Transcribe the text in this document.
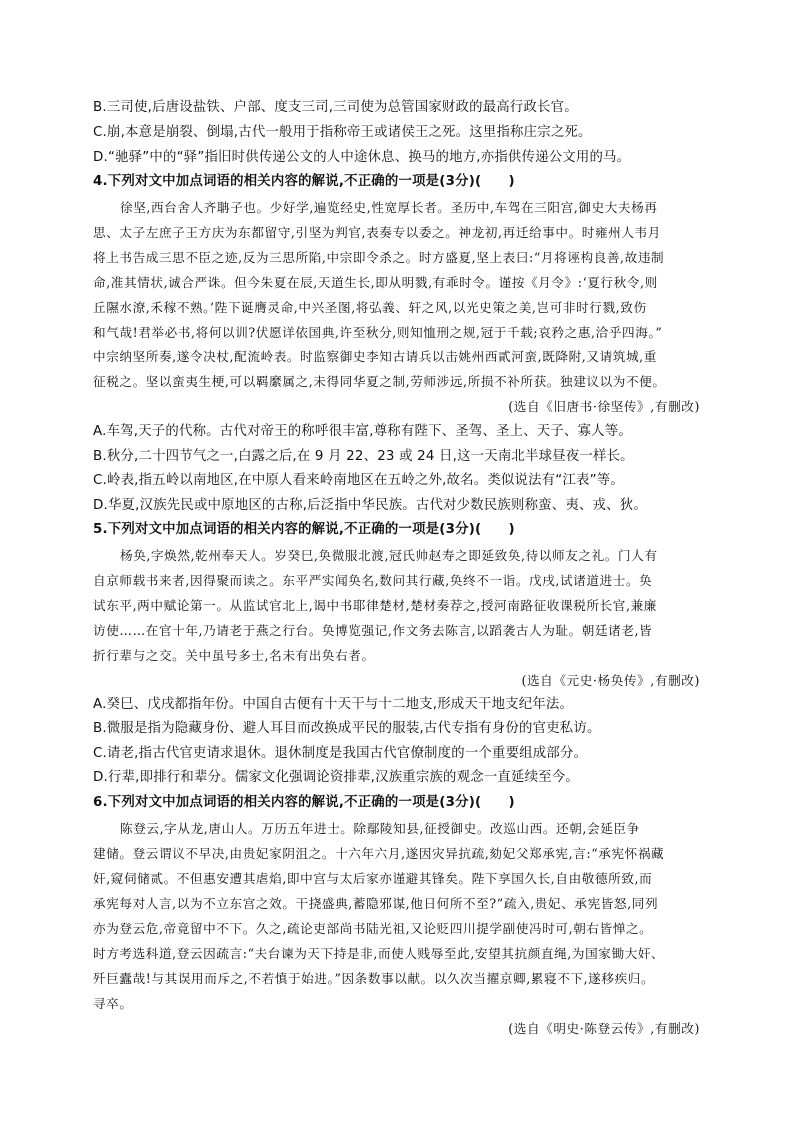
B.三司使,后唐设盐铁、户部、度支三司,三司使为总管国家财政的最高行政长官。
C.崩,本意是崩裂、倒塌,古代一般用于指称帝王或诸侯王之死。这里指称庄宗之死。
D.“驰驿”中的“驿”指旧时供传递公文的人中途休息、换马的地方,亦指供传递公文用的马。
4.下列对文中加点词语的相关内容的解说,不正确的一项是(3分)(　　)
徐坚,西台舍人齐聃子也。少好学,遍览经史,性宽厚长者。圣历中,车驾在三阳宫,御史大夫杨再
思、太子左庶子王方庆为东都留守,引坚为判官,表奏专以委之。神龙初,再迁给事中。时雍州人韦月
将上书告成三思不臣之迹,反为三思所陷,中宗即令杀之。时方盛夏,坚上表曰:“月将诬构良善,故违制
命,准其情状,诚合严诛。但今朱夏在辰,天道生长,即从明戮,有乖时令。谨按《月令》:‘夏行秋令,则
丘隰水潦,禾稼不熟。’陛下诞膺灵命,中兴圣图,将弘義、轩之风,以光史策之美,岂可非时行戮,致伤
和气哉!君举必书,将何以训?伏愿详依国典,许至秋分,则知恤刑之规,冠于千载;哀矜之惠,洽乎四海。”
中宗纳坚所奏,遂令决杖,配流岭表。时监察御史李知古请兵以击姚州西貳河蛮,既降附,又请筑城,重
征税之。坚以蛮夷生梗,可以羁縻属之,未得同华夏之制,劳师涉远,所损不补所获。独建议以为不便。
(选自《旧唐书·徐坚传》,有删改)
A.车驾,天子的代称。古代对帝王的称呼很丰富,尊称有陛下、圣驾、圣上、天子、寡人等。
B.秋分,二十四节气之一,白露之后,在 9 月 22、23 或 24 日,这一天南北半球昼夜一样长。
C.岭表,指五岭以南地区,在中原人看来岭南地区在五岭之外,故名。类似说法有“江表”等。
D.华夏,汉族先民或中原地区的古称,后泛指中华民族。古代对少数民族则称蛮、夷、戎、狄。
5.下列对文中加点词语的相关内容的解说,不正确的一项是(3分)(　　)
杨奂,字焕然,乾州奉天人。岁癸巳,奂微服北渡,冠氏帅赵寿之即延致奂,待以师友之礼。门人有
自京师载书来者,因得聚而读之。东平严实闻奂名,数问其行藏,奂终不一诣。戊戌,试诸道进士。奂
试东平,两中赋论第一。从监试官北上,谒中书耶律楚材,楚材奏荐之,授河南路征收课税所长官,兼廉
访使……在官十年,乃请老于燕之行台。奂博览强记,作文务去陈言,以蹈袭古人为耻。朝廷诸老,皆
折行辈与之交。关中虽号多士,名未有出奂右者。
(选自《元史·杨奂传》,有删改)
A.癸巳、戊戌都指年份。中国自古便有十天干与十二地支,形成天干地支纪年法。
B.微服是指为隐藏身份、避人耳目而改换成平民的服装,古代专指有身份的官吏私访。
C.请老,指古代官吏请求退休。退休制度是我国古代官僚制度的一个重要组成部分。
D.行辈,即排行和辈分。儒家文化强调论资排辈,汉族重宗族的观念一直延续至今。
6.下列对文中加点词语的相关内容的解说,不正确的一项是(3分)(　　)
陈登云,字从龙,唐山人。万历五年进士。除鄢陵知县,征授御史。改巡山西。还朝,会延臣争
建储。登云谓议不早决,由贵妃家阴沮之。十六年六月,遂因灾异抗疏,劾妃父郑承宪,言:“承宪怀祸藏
奸,窥伺储贰。不但惠安遭其虐焰,即中宫与太后家亦谨避其锋矣。陛下享国久长,自由敬德所致,而
承宪每对人言,以为不立东宫之效。干挠盛典,蓄隐邪谋,他日何所不至?”疏入,贵妃、承宪皆怒,同列
亦为登云危,帝竟留中不下。久之,疏论吏部尚书陆光祖,又论贬四川提学副使冯时可,朝右皆惮之。
时方考选科道,登云因疏言:“夫台谏为天下持是非,而使人贱辱至此,安望其抗颜直绳,为国家锄大奸、
歼巨蠹哉!与其误用而斥之,不若慎于始进。”因条数事以献。以久次当擢京卿,累寝不下,遂移疾归。
寻卒。
(选自《明史·陈登云传》,有删改)
